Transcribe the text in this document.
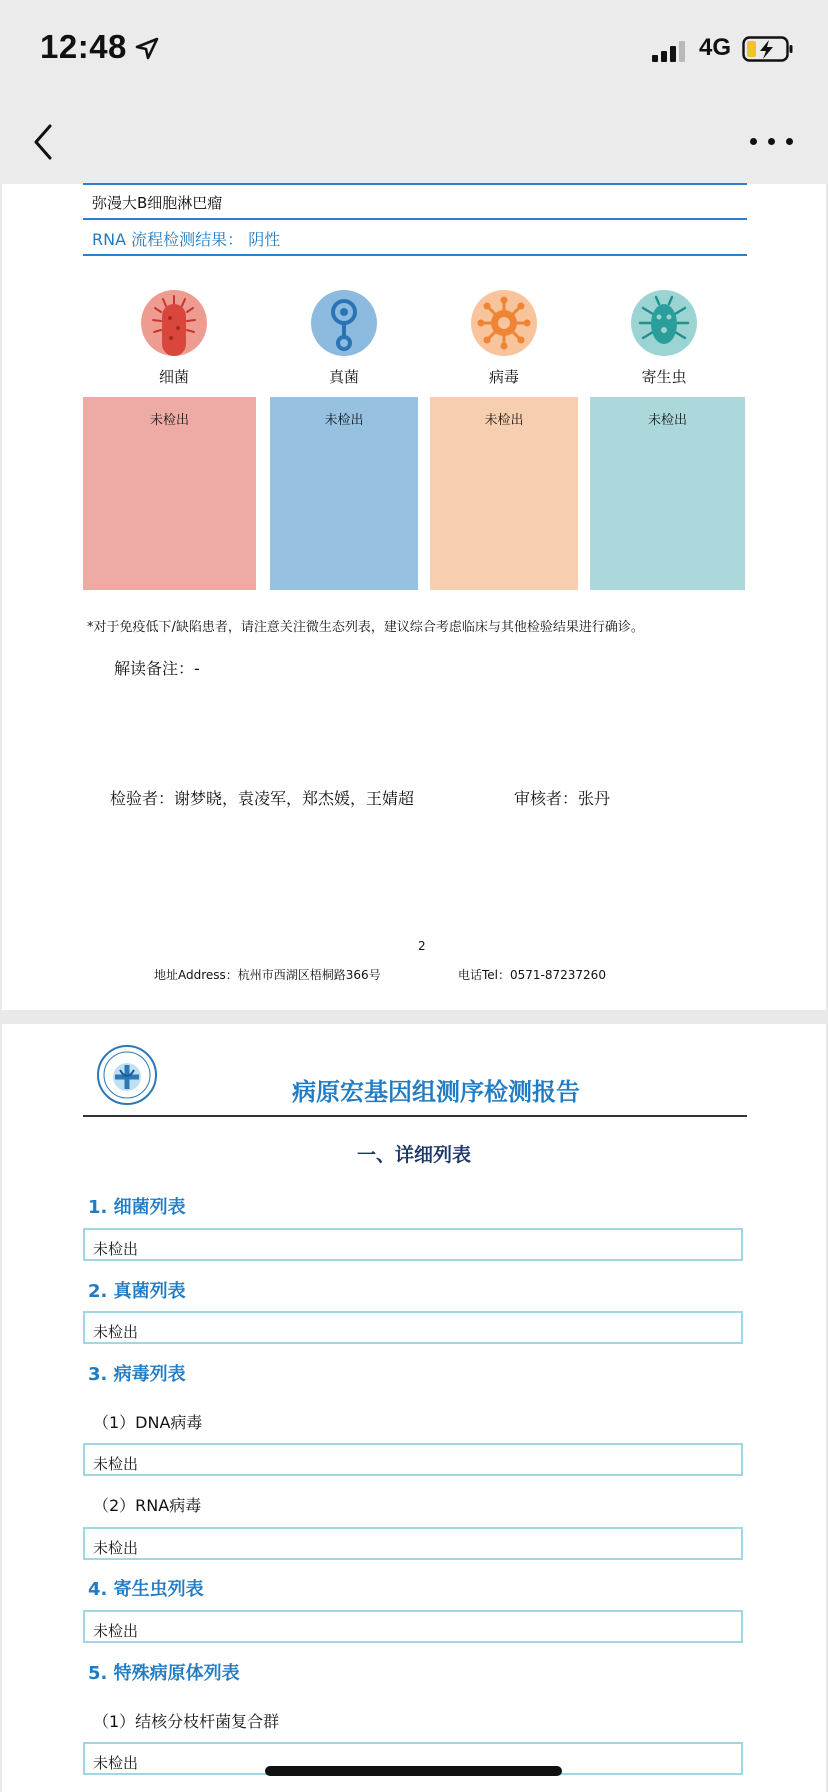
12:48	4G
弥漫大B细胞淋巴瘤
RNA 流程检测结果： 阴性
细菌	真菌	病毒	寄生虫
未检出	未检出	未检出	未检出
*对于免疫低下/缺陷患者，请注意关注微生态列表，建议综合考虑临床与其他检验结果进行确诊。
解读备注：-
检验者：谢梦晓，袁凌军，郑杰媛，王婧超	审核者：张丹
2
地址Address：杭州市西湖区梧桐路366号	电话Tel：0571-87237260
病原宏基因组测序检测报告
一、详细列表
1. 细菌列表
未检出
2. 真菌列表
未检出
3. 病毒列表
（1）DNA病毒
未检出
（2）RNA病毒
未检出
4. 寄生虫列表
未检出
5. 特殊病原体列表
（1）结核分枝杆菌复合群
未检出
